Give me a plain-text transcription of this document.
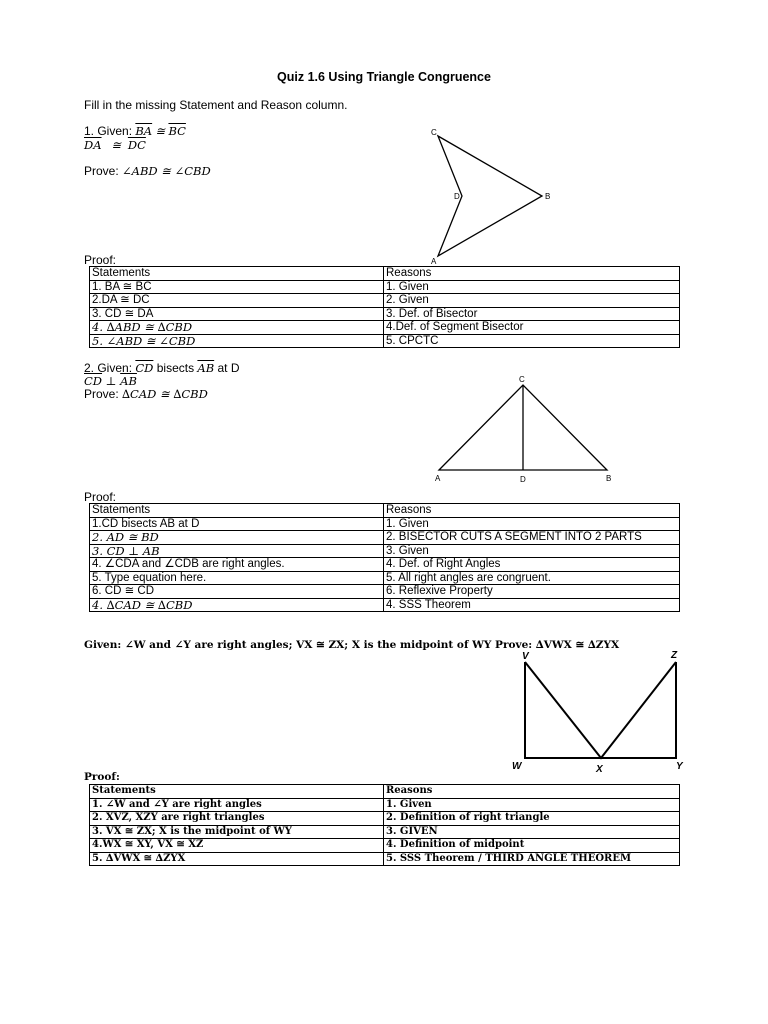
Quiz 1.6 Using Triangle Congruence
Fill in the missing Statement and Reason column.
1. Given: $\overline{BA}$ ≅ $\overline{BC}$
$\overline{DA}$ ≅ $\overline{DC}$
Prove: ∠ABD ≅ ∠CBD
C
D	B
A
Proof:
Statements	Reasons
1. BA ≅ BC	1. Given
2.DA ≅ DC	2. Given
3. CD ≅ DA	3. Def. of Bisector
4. ∆ABD ≅ ∆CBD	4.Def. of Segment Bisector
5. ∠ABD ≅ ∠CBD	5. CPCTC
2. Given: $\overline{CD}$ bisects $\overline{AB}$ at D
$\overline{CD}$ ⊥ $\overline{AB}$
Prove: ∆CAD ≅ ∆CBD
C
A	D	B
Proof:
Statements	Reasons
1.CD bisects AB at D	1. Given
2. AD ≅ BD	2. BISECTOR CUTS A SEGMENT INTO 2 PARTS
3. CD ⊥ AB	3. Given
4. ∠CDA and ∠CDB are right angles.	4. Def. of Right Angles
5. Type equation here.	5. All right angles are congruent.
6. CD ≅ CD	6. Reflexive Property
4. ∆CAD ≅ ∆CBD	4. SSS Theorem
Given: ∠W and ∠Y are right angles; VX ≅ ZX; X is the midpoint of WY Prove: ∆VWX ≅ ∆ZYX
V	Z
W	X	Y
Proof:
Statements	Reasons
1. ∠W and ∠Y are right angles	1. Given
2. XVZ, XZY are right triangles	2. Definition of right triangle
3. VX ≅ ZX; X is the midpoint of WY	3. GIVEN
4.WX ≅ XY, VX ≅ XZ	4. Definition of midpoint
5. ∆VWX ≅ ∆ZYX	5. SSS Theorem / THIRD ANGLE THEOREM
